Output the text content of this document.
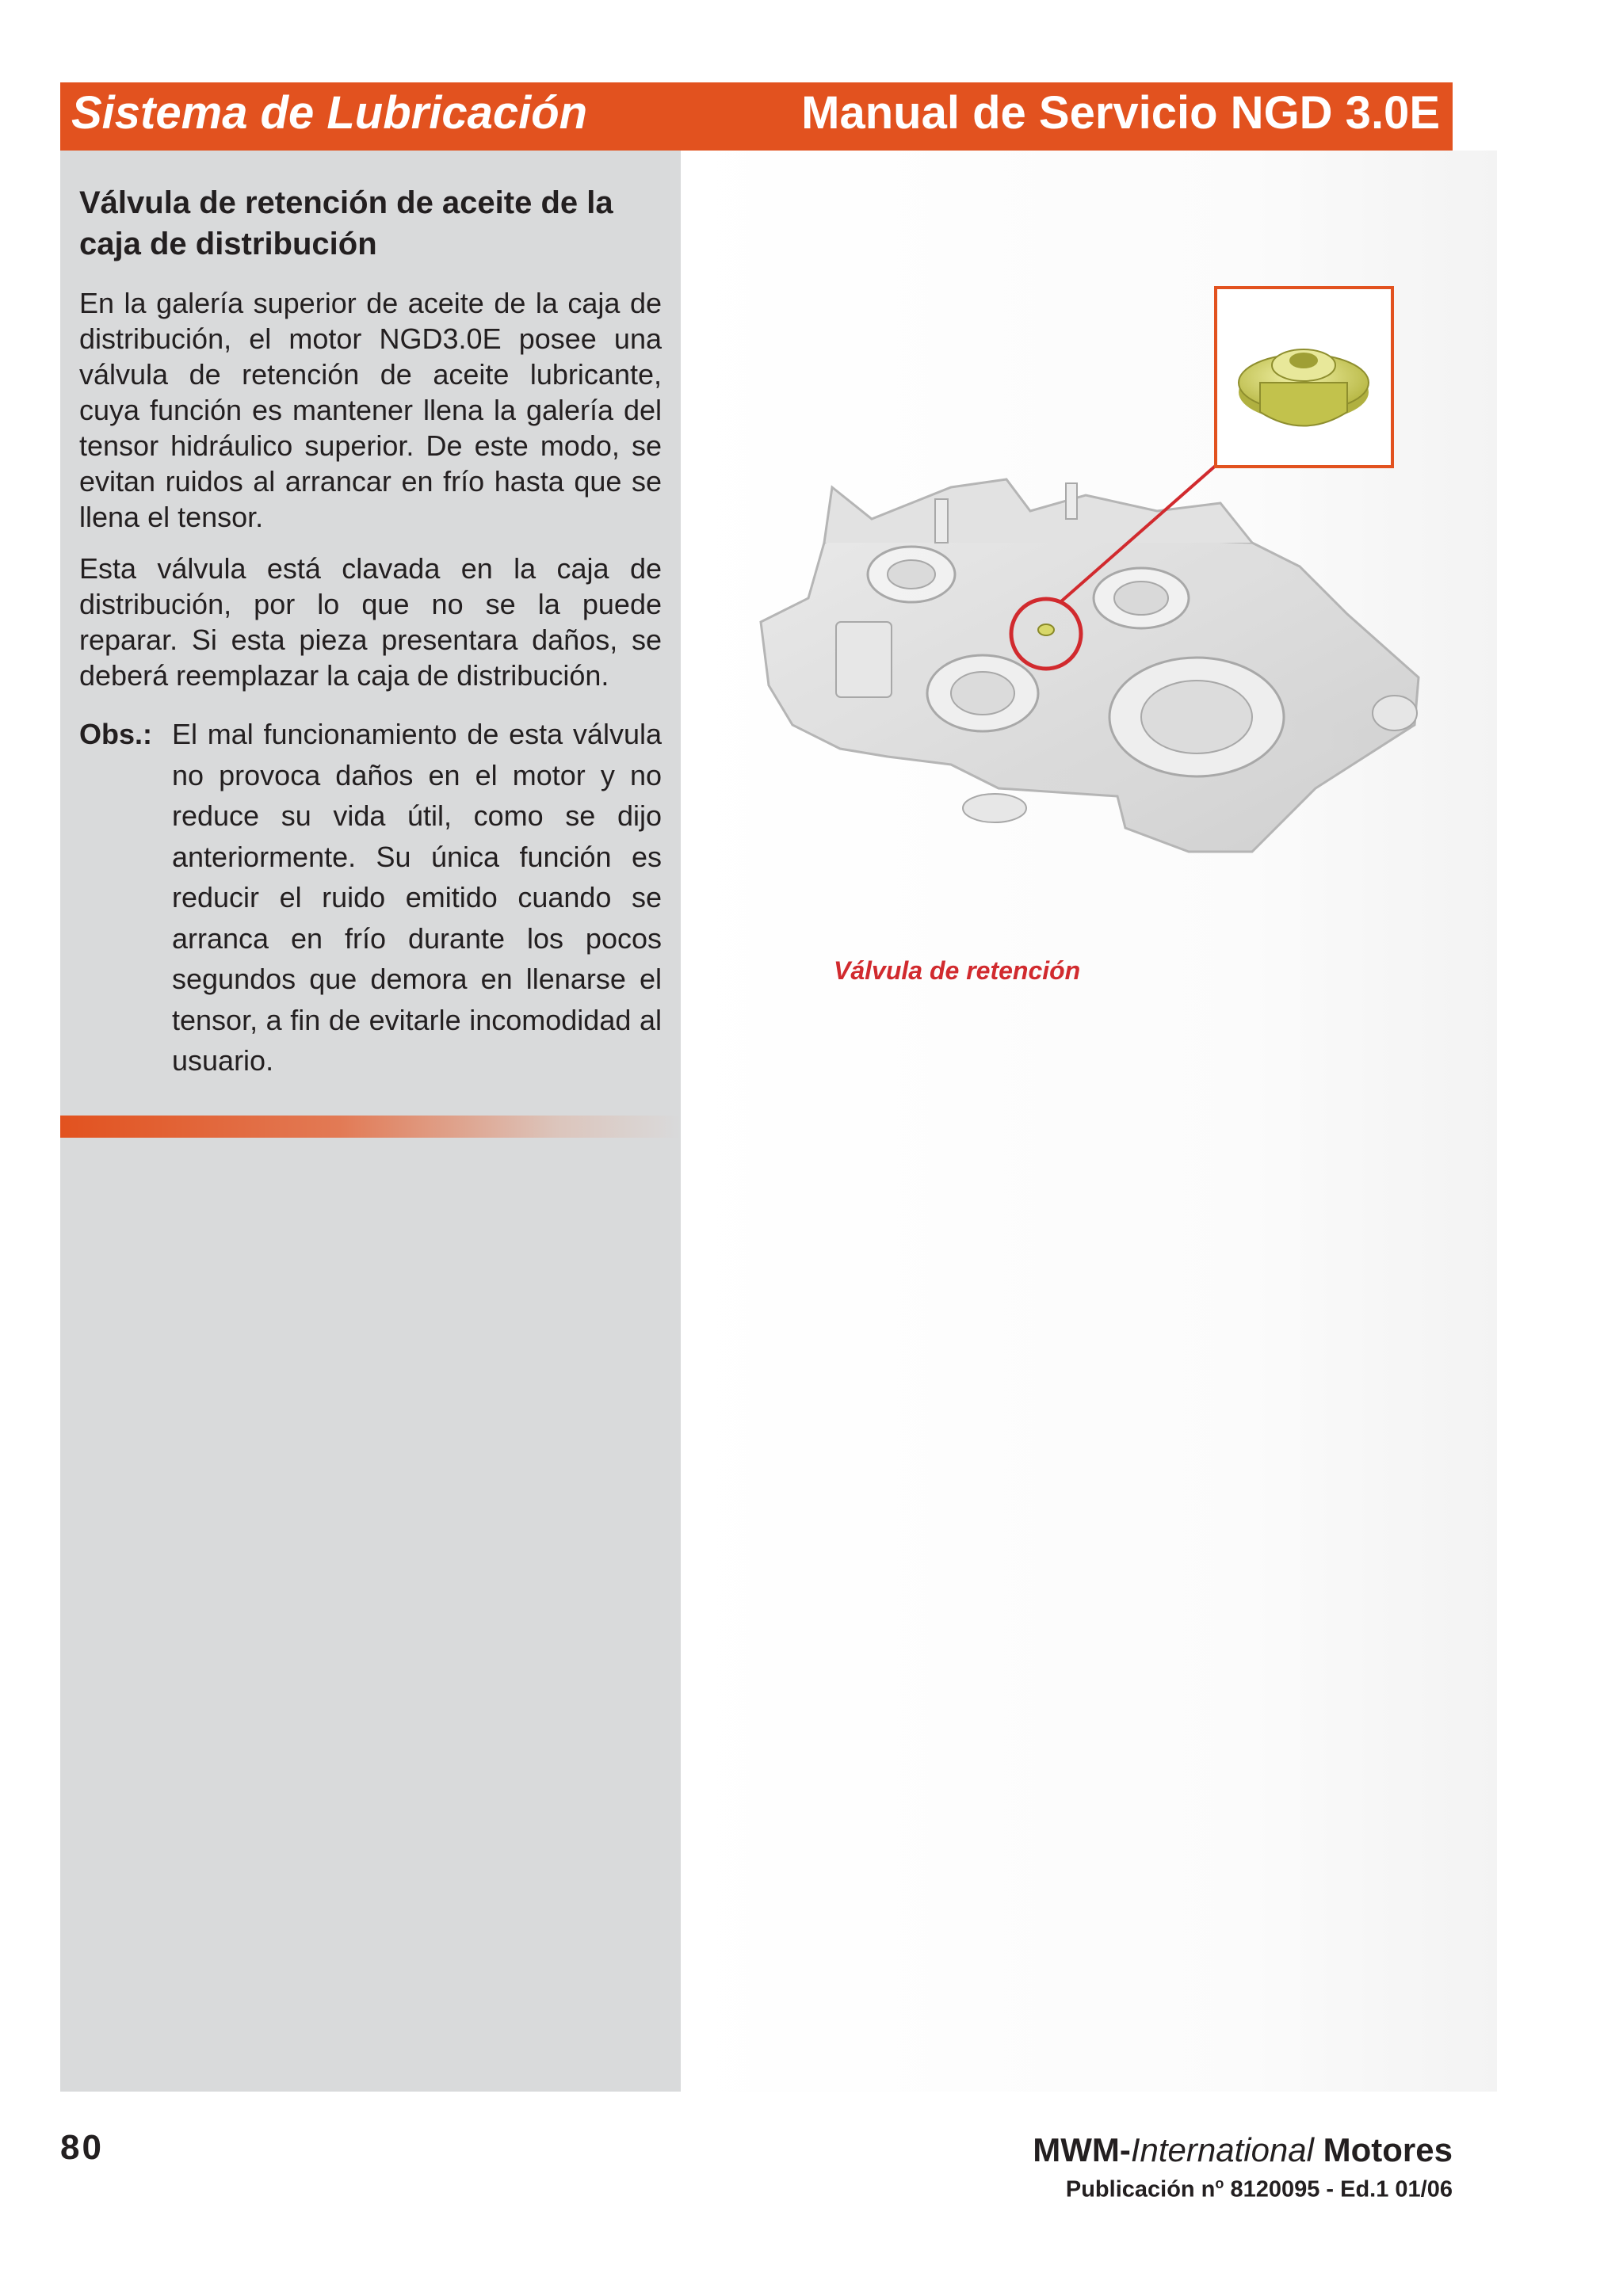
Sistema de Lubricación	Manual de Servicio NGD 3.0E
Válvula de retención de aceite de la caja de distribución

En la galería superior de aceite de la caja de distribución, el motor NGD3.0E posee una válvula de retención de aceite lubricante, cuya función es mantener llena la galería del tensor hidráulico superior. De este modo, se evitan ruidos al arrancar en frío hasta que se llena el tensor.

Esta válvula está clavada en la caja de distribución, por lo que no se la puede reparar. Si esta pieza presentara daños, se deberá reemplazar la caja de distribución.

Obs.: El mal funcionamiento de esta válvula no provoca daños en el motor y no reduce su vida útil, como se dijo anteriormente. Su única función es reducir el ruido emitido cuando se arranca en frío durante los pocos segundos que demora en llenarse el tensor, a fin de evitarle incomodidad al usuario.
Válvula de retención
80	MWM-International Motores
Publicación $n^o$ 8120095 - Ed.1 01/06
